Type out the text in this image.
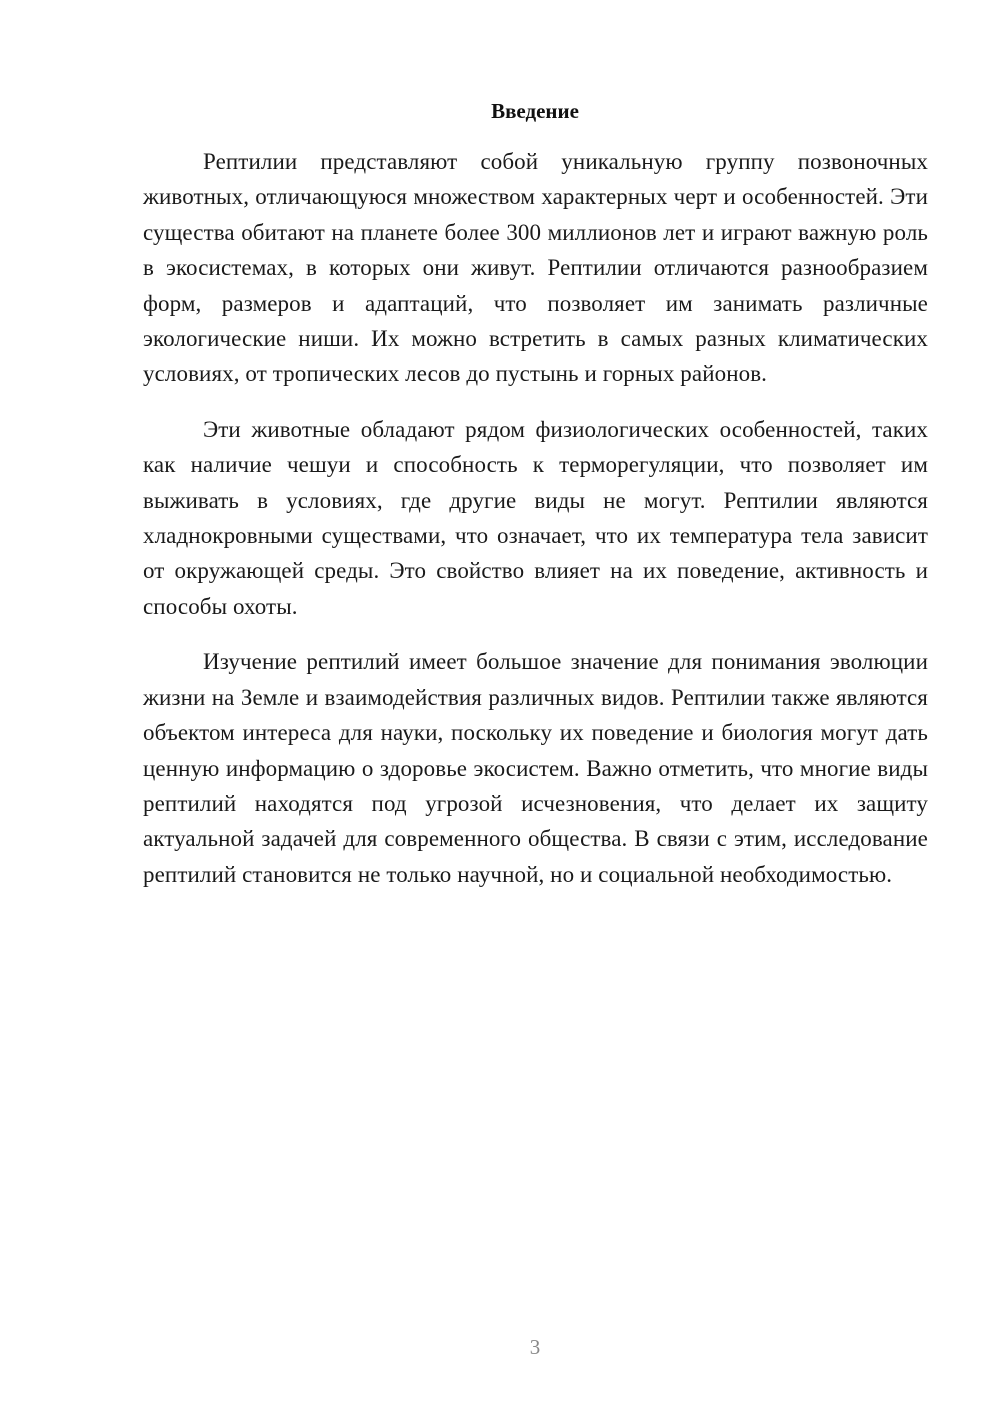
Введение

Рептилии представляют собой уникальную группу позвоночных животных, отличающуюся множеством характерных черт и особенностей. Эти существа обитают на планете более 300 миллионов лет и играют важную роль в экосистемах, в которых они живут. Рептилии отличаются разнообразием форм, размеров и адаптаций, что позволяет им занимать различные экологические ниши. Их можно встретить в самых разных климатических условиях, от тропических лесов до пустынь и горных районов.

Эти животные обладают рядом физиологических особенностей, таких как наличие чешуи и способность к терморегуляции, что позволяет им выживать в условиях, где другие виды не могут. Рептилии являются хладнокровными существами, что означает, что их температура тела зависит от окружающей среды. Это свойство влияет на их поведение, активность и способы охоты.

Изучение рептилий имеет большое значение для понимания эволюции жизни на Земле и взаимодействия различных видов. Рептилии также являются объектом интереса для науки, поскольку их поведение и биология могут дать ценную информацию о здоровье экосистем. Важно отметить, что многие виды рептилий находятся под угрозой исчезновения, что делает их защиту актуальной задачей для современного общества. В связи с этим, исследование рептилий становится не только научной, но и социальной необходимостью.

3
